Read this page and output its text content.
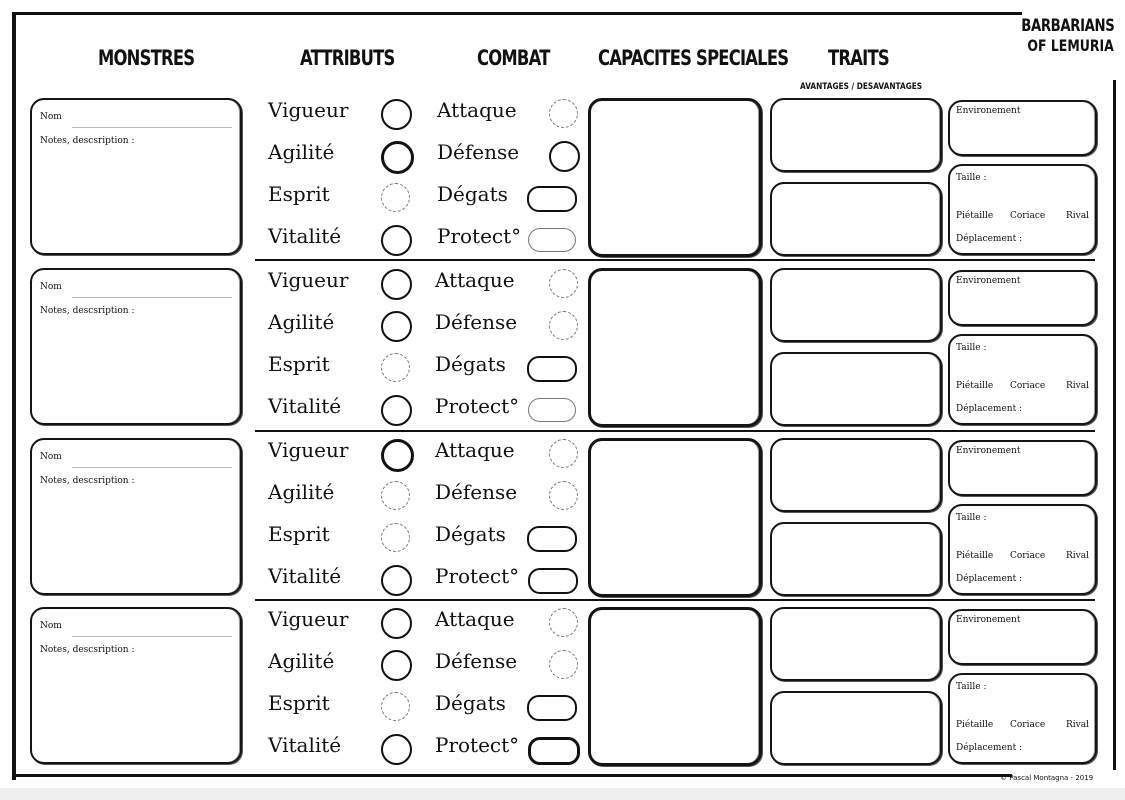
MONSTRES	ATTRIBUTS	COMBAT CAPACITES SPECIALES TRAITS
AVANTAGES / DESAVANTAGES
BARBARIANS
OF LEMURIA
Nom
Notes, descsription :
Vigueur	Attaque
Agilité	Défense
Esprit	Dégats
Vitalité	Protect°
Environement
Taille :
Piétaille Coriace Rival
Déplacement :
Nom
Notes, descsription :
Vigueur	Attaque
Agilité	Défense
Esprit	Dégats
Vitalité	Protect°
Environement
Taille :
Piétaille Coriace Rival
Déplacement :
Nom
Notes, descsription :
Vigueur	Attaque
Agilité	Défense
Esprit	Dégats
Vitalité	Protect°
Environement
Taille :
Piétaille Coriace Rival
Déplacement :
Nom
Notes, descsription :
Vigueur	Attaque
Agilité	Défense
Esprit	Dégats
Vitalité	Protect°
Environement
Taille :
Piétaille Coriace Rival
Déplacement :
© Pascal Montagna - 2019
